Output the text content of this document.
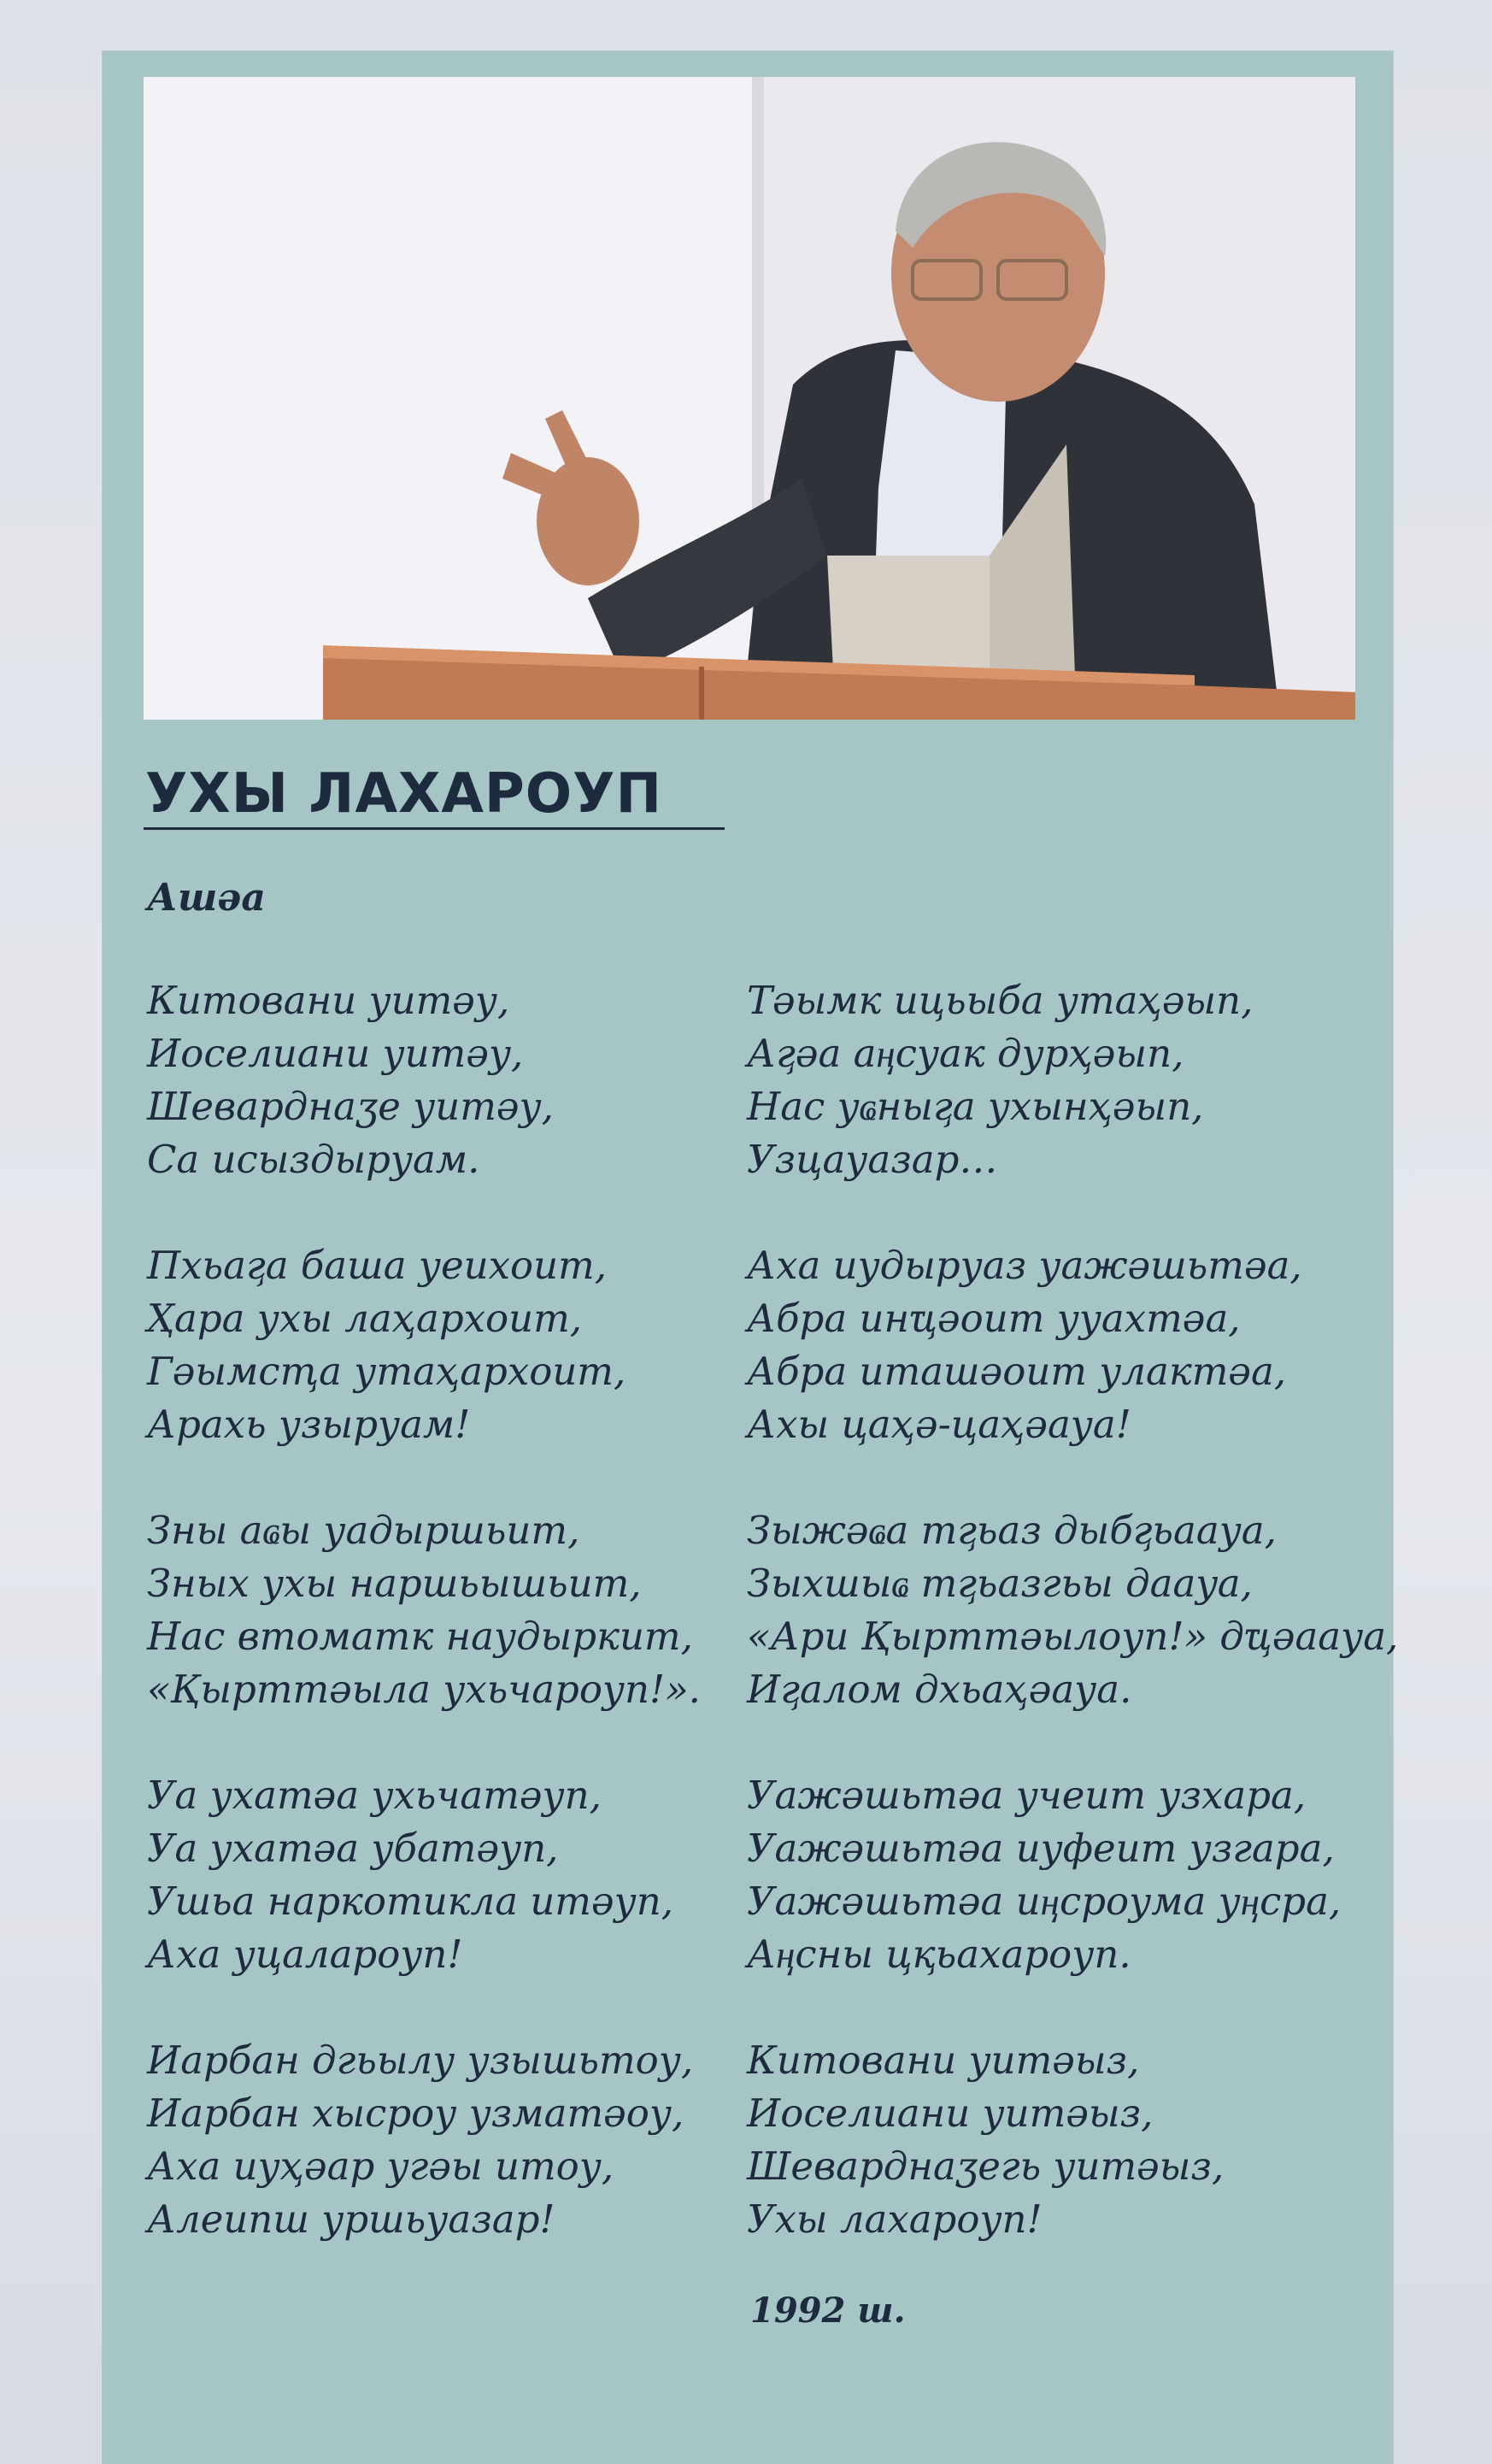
УХЫ ЛАХАРОУП
Ашәа
Китовани уитәу,
Иоселиани уитәу,
Шеварднаӡе уитәу,
Са исыздыруам.
Пхьаӷа баша уеихоит,
Ҳара ухы лаҳархоит,
Гәымсҭа утаҳархоит,
Арахь узыруам!
Зны аҩы уадыршьит,
Зных ухы наршьышьит,
Нас втоматк наудыркит,
«Қырттәыла ухьчароуп!».
Уа ухатәа ухьчатәуп,
Уа ухатәа убатәуп,
Ушьа наркотикла итәуп,
Аха уцаларoуп!
Иарбан дгьылу узышьтоу,
Иарбан хысроу узматәоу,
Аха иуҳәар угәы итоу,
Алеипш уршьуазар!
Тәымк ицьыба утаҳәып,
Аӷәа аӊсуак дурҳәып,
Нас уҩныӷа ухынҳәып,
Узцауазар…
Аха иудыруаз уажәшьтәа,
Абра инҵәоит ууахтәа,
Абра иташәоит улактәа,
Ахы цаҳә-цаҳәауа!
Зыжәҩа тӷьаз дыбӷьаауа,
Зыхшыҩ тӷьазгьы дааyа,
«Ари Қырттәылоуп!» дҵәаауа,
Иӷалом дхьаҳәауа.
Уажәшьтәа учеит узхара,
Уажәшьтәа иуфеит узгара,
Уажәшьтәа иӊсроума уӊсра,
Аӊсны цқьахароуп.
Китовани уитәыз,
Иоселиани уитәыз,
Шеварднаӡегь уитәыз,
Ухы лахароуп!
1992 ш.
